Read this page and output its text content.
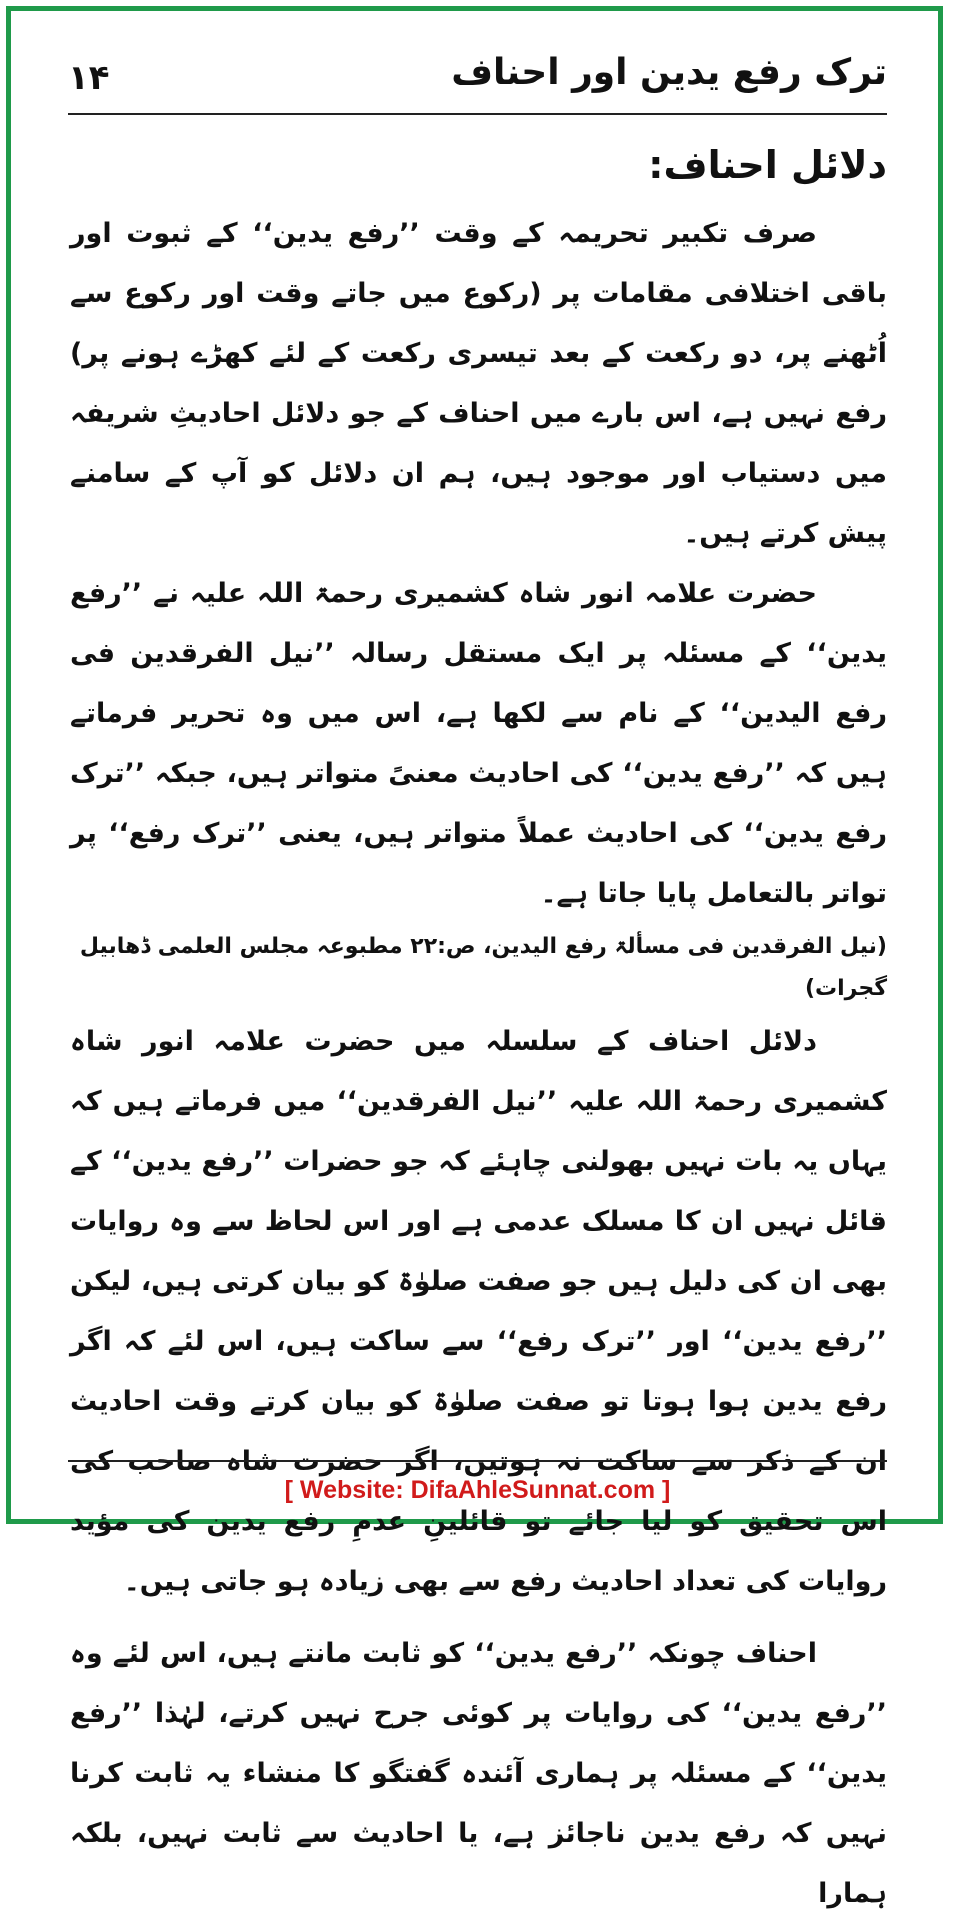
۱۴	ترک رفع یدین اور احناف
دلائل احناف:

صرف تکبیر تحریمہ کے وقت ’’رفع یدین‘‘ کے ثبوت اور باقی اختلافی مقامات پر (رکوع میں جاتے وقت اور رکوع سے اُٹھنے پر، دو رکعت کے بعد تیسری رکعت کے لئے کھڑے ہونے پر) رفع نہیں ہے، اس بارے میں احناف کے جو دلائل احادیثِ شریفہ میں دستیاب اور موجود ہیں، ہم ان دلائل کو آپ کے سامنے پیش کرتے ہیں۔

حضرت علامہ انور شاہ کشمیری رحمۃ اللہ علیہ نے ’’رفع یدین‘‘ کے مسئلہ پر ایک مستقل رسالہ ’’نیل الفرقدین فی رفع الیدین‘‘ کے نام سے لکھا ہے، اس میں وہ تحریر فرماتے ہیں کہ ’’رفع یدین‘‘ کی احادیث معنیً متواتر ہیں، جبکہ ’’ترک رفع یدین‘‘ کی احادیث عملاً متواتر ہیں، یعنی ’’ترک رفع‘‘ پر تواتر بالتعامل پایا جاتا ہے۔

(نیل الفرقدین فی مسألۃ رفع الیدین، ص:۲۲ مطبوعہ مجلس العلمی ڈھابیل گجرات)

دلائل احناف کے سلسلہ میں حضرت علامہ انور شاہ کشمیری رحمۃ اللہ علیہ ’’نیل الفرقدین‘‘ میں فرماتے ہیں کہ یہاں یہ بات نہیں بھولنی چاہئے کہ جو حضرات ’’رفع یدین‘‘ کے قائل نہیں ان کا مسلک عدمی ہے اور اس لحاظ سے وہ روایات بھی ان کی دلیل ہیں جو صفت صلوٰۃ کو بیان کرتی ہیں، لیکن ’’رفع یدین‘‘ اور ’’ترک رفع‘‘ سے ساکت ہیں، اس لئے کہ اگر رفع یدین ہوا ہوتا تو صفت صلوٰۃ کو بیان کرتے وقت احادیث ان کے ذکر سے ساکت نہ ہوتیں، اگر حضرت شاہ صاحب کی اس تحقیق کو لیا جائے تو قائلینِ عدمِ رفع یدین کی مؤید روایات کی تعداد احادیث رفع سے بھی زیادہ ہو جاتی ہیں۔

احناف چونکہ ’’رفع یدین‘‘ کو ثابت مانتے ہیں، اس لئے وہ ’’رفع یدین‘‘ کی روایات پر کوئی جرح نہیں کرتے، لہٰذا ’’رفع یدین‘‘ کے مسئلہ پر ہماری آئندہ گفتگو کا منشاء یہ ثابت کرنا نہیں کہ رفع یدین ناجائز ہے، یا احادیث سے ثابت نہیں، بلکہ ہمارا

[ Website: DifaAhleSunnat.com ]
